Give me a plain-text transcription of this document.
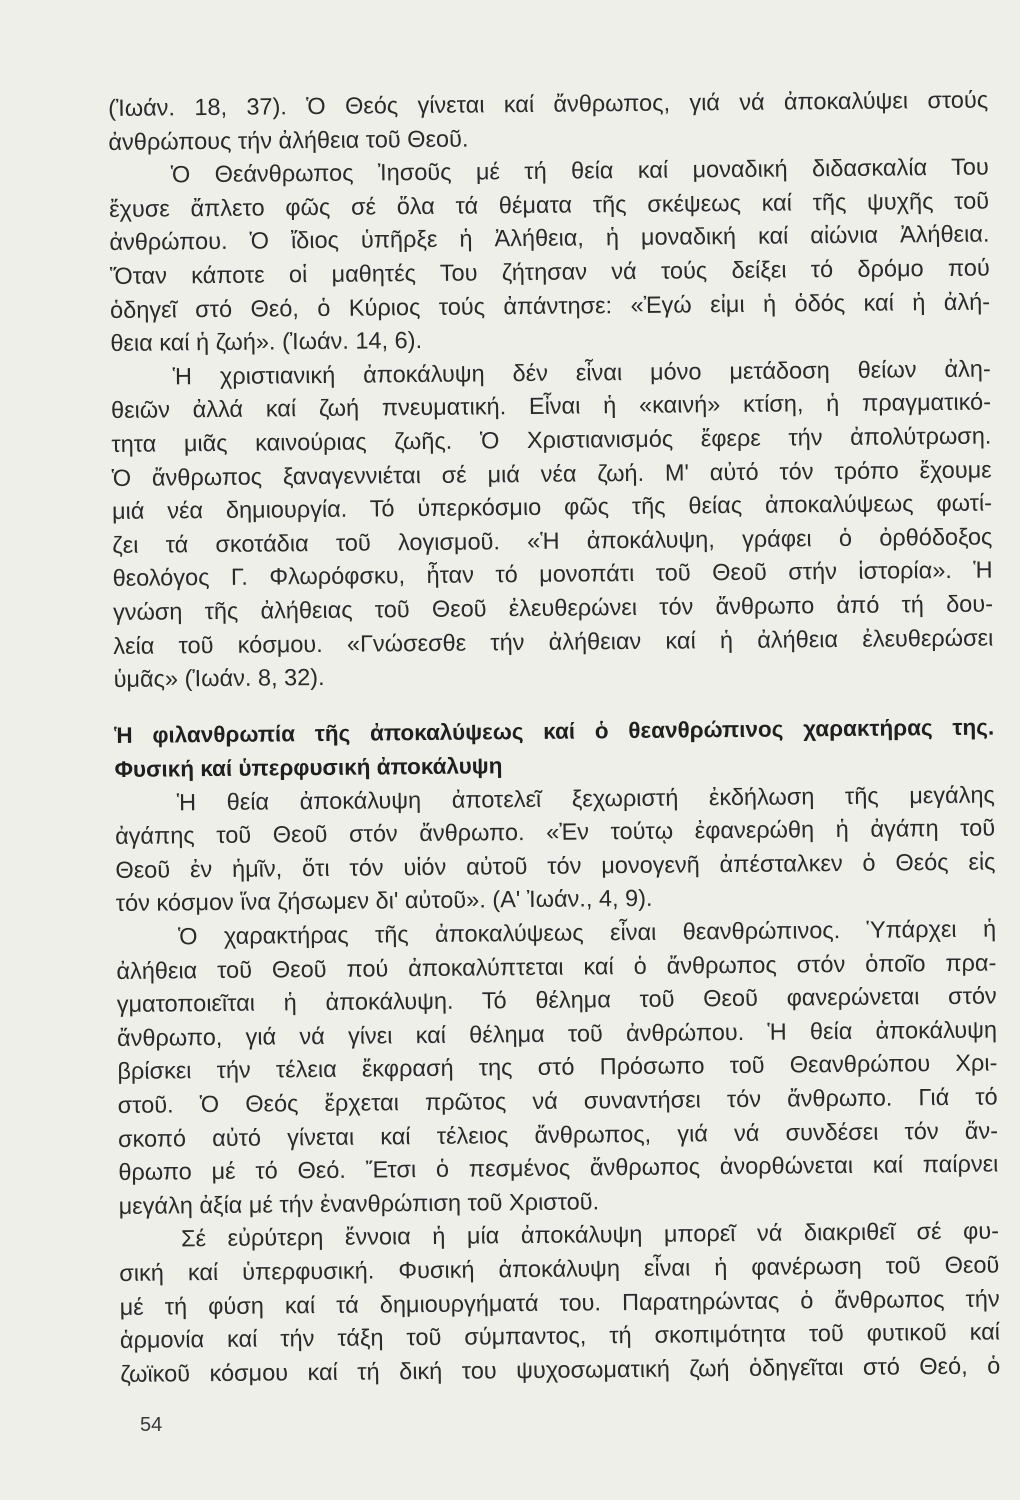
(Ἰωάν. 18, 37). Ὁ Θεός γίνεται καί ἄνθρωπος, γιά νά ἀποκαλύψει στούς
ἀνθρώπους τήν ἀλήθεια τοῦ Θεοῦ.
Ὁ Θεάνθρωπος Ἰησοῦς μέ τή θεία καί μοναδική διδασκαλία Του
ἔχυσε ἄπλετο φῶς σέ ὅλα τά θέματα τῆς σκέψεως καί τῆς ψυχῆς τοῦ
ἀνθρώπου. Ὁ ἴδιος ὑπῆρξε ἡ Ἀλήθεια, ἡ μοναδική καί αἰώνια Ἀλήθεια.
Ὅταν κάποτε οἱ μαθητές Του ζήτησαν νά τούς δείξει τό δρόμο πού
ὁδηγεῖ στό Θεό, ὁ Κύριος τούς ἀπάντησε: «Ἐγώ εἰμι ἡ ὁδός καί ἡ ἀλή-
θεια καί ἡ ζωή». (Ἰωάν. 14, 6).
Ἡ χριστιανική ἀποκάλυψη δέν εἶναι μόνο μετάδοση θείων ἀλη-
θειῶν ἀλλά καί ζωή πνευματική. Εἶναι ἡ «καινή» κτίση, ἡ πραγματικό-
τητα μιᾶς καινούριας ζωῆς. Ὁ Χριστιανισμός ἔφερε τήν ἀπολύτρωση.
Ὁ ἄνθρωπος ξαναγεννιέται σέ μιά νέα ζωή. Μ' αὐτό τόν τρόπο ἔχουμε
μιά νέα δημιουργία. Τό ὑπερκόσμιο φῶς τῆς θείας ἀποκαλύψεως φωτί-
ζει τά σκοτάδια τοῦ λογισμοῦ. «Ἡ ἀποκάλυψη, γράφει ὁ ὀρθόδοξος
θεολόγος Γ. Φλωρόφσκυ, ἦταν τό μονοπάτι τοῦ Θεοῦ στήν ἱστορία». Ἡ
γνώση τῆς ἀλήθειας τοῦ Θεοῦ ἐλευθερώνει τόν ἄνθρωπο ἀπό τή δου-
λεία τοῦ κόσμου. «Γνώσεσθε τήν ἀλήθειαν καί ἡ ἀλήθεια ἐλευθερώσει
ὑμᾶς» (Ἰωάν. 8, 32).
Ἡ φιλανθρωπία τῆς ἀποκαλύψεως καί ὁ θεανθρώπινος χαρακτήρας της.
Φυσική καί ὑπερφυσική ἀποκάλυψη
Ἡ θεία ἀποκάλυψη ἀποτελεῖ ξεχωριστή ἐκδήλωση τῆς μεγάλης
ἀγάπης τοῦ Θεοῦ στόν ἄνθρωπο. «Ἐν τούτῳ ἐφανερώθη ἡ ἀγάπη τοῦ
Θεοῦ ἐν ἡμῖν, ὅτι τόν υἱόν αὐτοῦ τόν μονογενῆ ἀπέσταλκεν ὁ Θεός εἰς
τόν κόσμον ἵνα ζήσωμεν δι' αὐτοῦ». (Α' Ἰωάν., 4, 9).
Ὁ χαρακτήρας τῆς ἀποκαλύψεως εἶναι θεανθρώπινος. Ὑπάρχει ἡ
ἀλήθεια τοῦ Θεοῦ πού ἀποκαλύπτεται καί ὁ ἄνθρωπος στόν ὁποῖο πρα-
γματοποιεῖται ἡ ἀποκάλυψη. Τό θέλημα τοῦ Θεοῦ φανερώνεται στόν
ἄνθρωπο, γιά νά γίνει καί θέλημα τοῦ ἀνθρώπου. Ἡ θεία ἀποκάλυψη
βρίσκει τήν τέλεια ἔκφρασή της στό Πρόσωπο τοῦ Θεανθρώπου Χρι-
στοῦ. Ὁ Θεός ἔρχεται πρῶτος νά συναντήσει τόν ἄνθρωπο. Γιά τό
σκοπό αὐτό γίνεται καί τέλειος ἄνθρωπος, γιά νά συνδέσει τόν ἄν-
θρωπο μέ τό Θεό. Ἔτσι ὁ πεσμένος ἄνθρωπος ἀνορθώνεται καί παίρνει
μεγάλη ἀξία μέ τήν ἐνανθρώπιση τοῦ Χριστοῦ.
Σέ εὐρύτερη ἔννοια ἡ μία ἀποκάλυψη μπορεῖ νά διακριθεῖ σέ φυ-
σική καί ὑπερφυσική. Φυσική ἀποκάλυψη εἶναι ἡ φανέρωση τοῦ Θεοῦ
μέ τή φύση καί τά δημιουργήματά του. Παρατηρώντας ὁ ἄνθρωπος τήν
ἁρμονία καί τήν τάξη τοῦ σύμπαντος, τή σκοπιμότητα τοῦ φυτικοῦ καί
ζωϊκοῦ κόσμου καί τή δική του ψυχοσωματική ζωή ὁδηγεῖται στό Θεό, ὁ
54
